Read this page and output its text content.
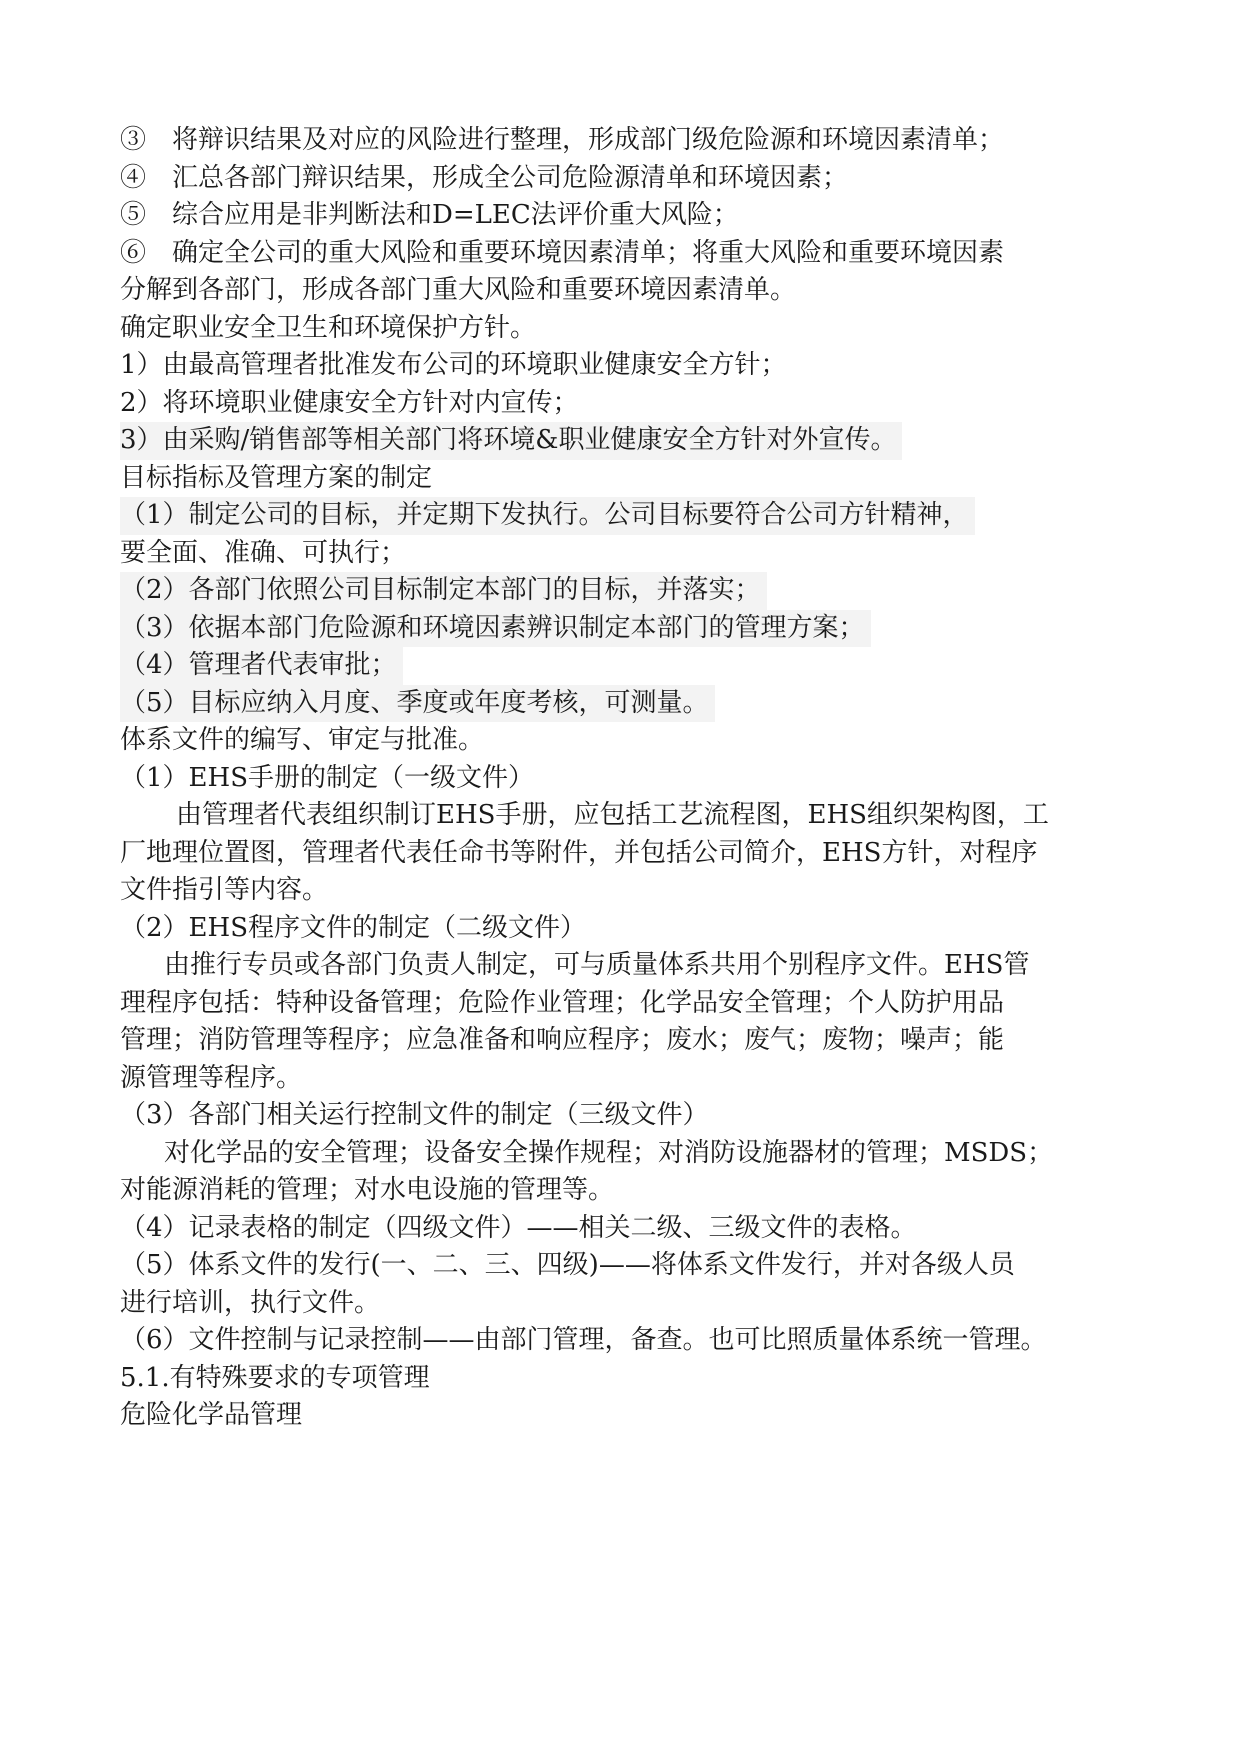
③　将辩识结果及对应的风险进行整理，形成部门级危险源和环境因素清单；
④　汇总各部门辩识结果，形成全公司危险源清单和环境因素；
⑤　综合应用是非判断法和D=LEC法评价重大风险；
⑥　确定全公司的重大风险和重要环境因素清单；将重大风险和重要环境因素
分解到各部门，形成各部门重大风险和重要环境因素清单。
确定职业安全卫生和环境保护方针。
1）由最高管理者批准发布公司的环境职业健康安全方针；
2）将环境职业健康安全方针对内宣传；
3）由采购/销售部等相关部门将环境&职业健康安全方针对外宣传。
目标指标及管理方案的制定
（1）制定公司的目标，并定期下发执行。公司目标要符合公司方针精神，
要全面、准确、可执行；
（2）各部门依照公司目标制定本部门的目标，并落实；
（3）依据本部门危险源和环境因素辨识制定本部门的管理方案；
（4）管理者代表审批；
（5）目标应纳入月度、季度或年度考核，可测量。
体系文件的编写、审定与批准。
（1）EHS手册的制定（一级文件）
由管理者代表组织制订EHS手册，应包括工艺流程图，EHS组织架构图，工
厂地理位置图，管理者代表任命书等附件，并包括公司简介，EHS方针，对程序
文件指引等内容。
（2）EHS程序文件的制定（二级文件）
由推行专员或各部门负责人制定，可与质量体系共用个别程序文件。EHS管
理程序包括：特种设备管理；危险作业管理；化学品安全管理；个人防护用品
管理；消防管理等程序；应急准备和响应程序；废水；废气；废物；噪声；能
源管理等程序。
（3）各部门相关运行控制文件的制定（三级文件）
对化学品的安全管理；设备安全操作规程；对消防设施器材的管理；MSDS；
对能源消耗的管理；对水电设施的管理等。
（4）记录表格的制定（四级文件）——相关二级、三级文件的表格。
（5）体系文件的发行(一、二、三、四级)——将体系文件发行，并对各级人员
进行培训，执行文件。
（6）文件控制与记录控制——由部门管理，备查。也可比照质量体系统一管理。
5.1.有特殊要求的专项管理
危险化学品管理
